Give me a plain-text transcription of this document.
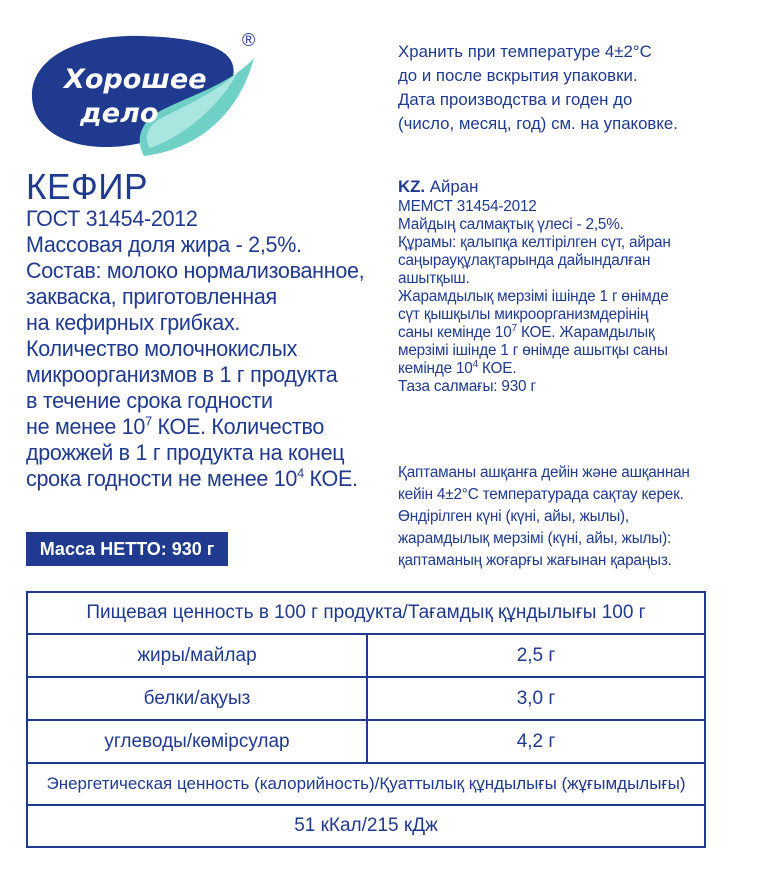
Хорошее
дело
®
Хранить при температуре 4±2°С
до и после вскрытия упаковки.
Дата производства и годен до
(число, месяц, год) см. на упаковке.
КЕФИР
ГОСТ 31454-2012
Массовая доля жира - 2,5%.
Состав: молоко нормализованное,
закваска, приготовленная
на кефирных грибках.
Количество молочнокислых
микроорганизмов в 1 г продукта
в течение срока годности
не менее $10^7$ КОЕ. Количество
дрожжей в 1 г продукта на конец
срока годности не менее $10^4$ КОЕ.
KZ. Айран
МЕМСТ 31454-2012
Майдың салмақтық үлесі - 2,5%.
Құрамы: қалыпқа келтірілген сүт, айран
саңырауқұлақтарында дайындалған
ашытқыш.
Жарамдылық мерзімі ішінде 1 г өнімде
сүт қышқылы микроорганизмдерінің
саны кемінде $10^7$ КОЕ. Жарамдылық
мерзімі ішінде 1 г өнімде ашытқы саны
кемінде $10^4$ КОЕ.
Таза салмағы: 930 г
Қаптаманы ашқанға дейін және ашқаннан
кейін 4±2°С температурада сақтау керек.
Өндірілген күні (күні, айы, жылы),
жарамдылық мерзімі (күні, айы, жылы):
қаптаманың жоғарғы жағынан қараңыз.
Масса НЕТТО: 930 г
Пищевая ценность в 100 г продукта/Тағамдық құндылығы 100 г	
жиры/майлар	2,5 г
белки/ақуыз	3,0 г
углеводы/көмірсулар	4,2 г
Энергетическая ценность (калорийность)/Қуаттылық құндылығы (жұғымдылығы)	
51 кКал/215 кДж	
